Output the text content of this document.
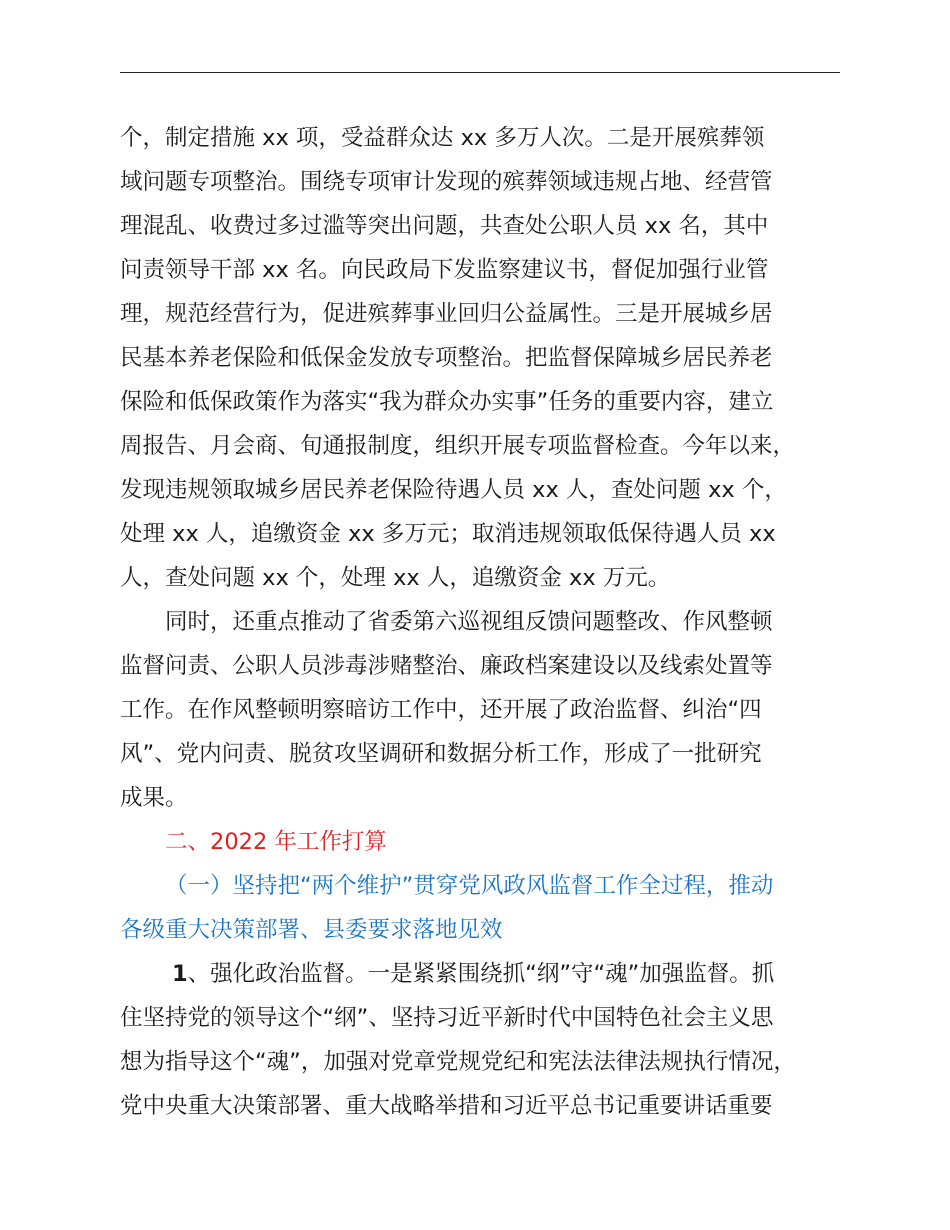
个，制定措施 xx 项，受益群众达 xx 多万人次。二是开展殡葬领
域问题专项整治。围绕专项审计发现的殡葬领域违规占地、经营管
理混乱、收费过多过滥等突出问题，共查处公职人员 xx 名，其中
问责领导干部 xx 名。向民政局下发监察建议书，督促加强行业管
理，规范经营行为，促进殡葬事业回归公益属性。三是开展城乡居
民基本养老保险和低保金发放专项整治。把监督保障城乡居民养老
保险和低保政策作为落实“我为群众办实事”任务的重要内容，建立
周报告、月会商、旬通报制度，组织开展专项监督检查。今年以来，
发现违规领取城乡居民养老保险待遇人员 xx 人，查处问题 xx 个，
处理 xx 人，追缴资金 xx 多万元；取消违规领取低保待遇人员 xx
人，查处问题 xx 个，处理 xx 人，追缴资金 xx 万元。
同时，还重点推动了省委第六巡视组反馈问题整改、作风整顿
监督问责、公职人员涉毒涉赌整治、廉政档案建设以及线索处置等
工作。在作风整顿明察暗访工作中，还开展了政治监督、纠治“四
风”、党内问责、脱贫攻坚调研和数据分析工作，形成了一批研究
成果。
二、2022 年工作打算
（一）坚持把“两个维护”贯穿党风政风监督工作全过程，推动
各级重大决策部署、县委要求落地见效
1、强化政治监督。一是紧紧围绕抓“纲”守“魂”加强监督。抓
住坚持党的领导这个“纲”、坚持习近平新时代中国特色社会主义思
想为指导这个“魂”，加强对党章党规党纪和宪法法律法规执行情况，
党中央重大决策部署、重大战略举措和习近平总书记重要讲话重要
